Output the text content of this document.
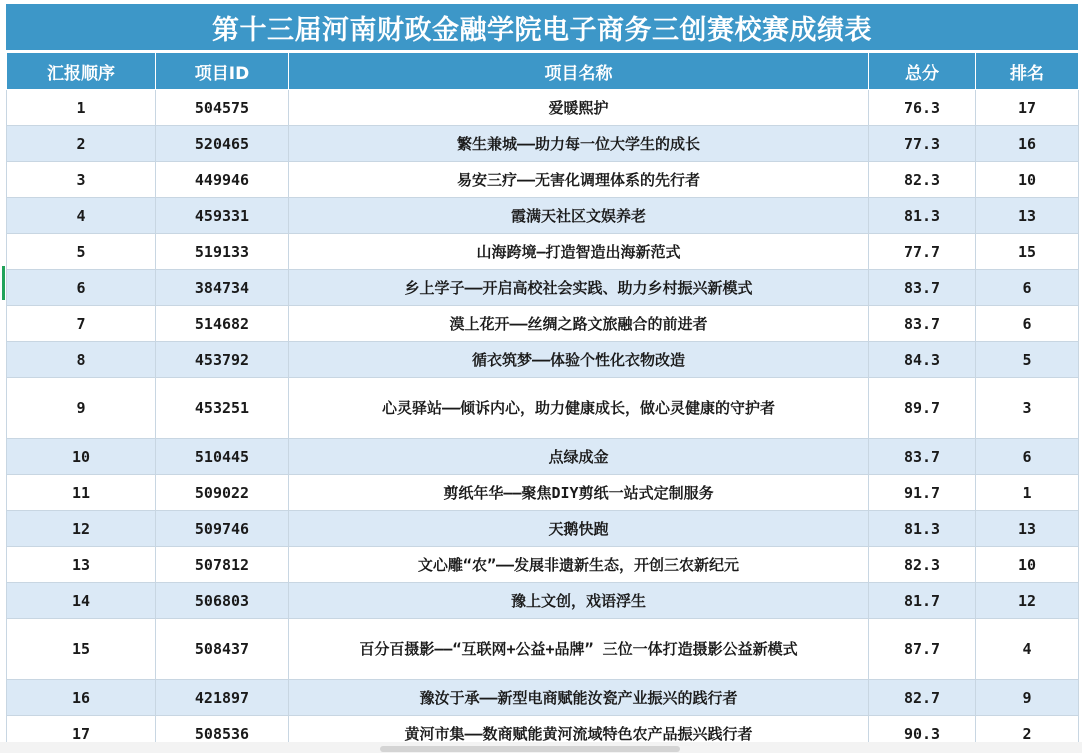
第十三届河南财政金融学院电子商务三创赛校赛成绩表
汇报顺序	项目ID	项目名称	总分	排名
1	504575	爱暖熙护	76.3	17
2	520465	繁生兼城——助力每一位大学生的成长	77.3	16
3	449946	易安三疗——无害化调理体系的先行者	82.3	10
4	459331	霞满天社区文娱养老	81.3	13
5	519133	山海跨境—打造智造出海新范式	77.7	15
6	384734	乡上学子——开启高校社会实践、助力乡村振兴新模式	83.7	6
7	514682	漠上花开——丝绸之路文旅融合的前进者	83.7	6
8	453792	循衣筑梦——体验个性化衣物改造	84.3	5
9	453251	心灵驿站——倾诉内心，助力健康成长，做心灵健康的守护者	89.7	3
10	510445	点绿成金	83.7	6
11	509022	剪纸年华——聚焦DIY剪纸一站式定制服务	91.7	1
12	509746	天鹅快跑	81.3	13
13	507812	文心雕“农”——发展非遗新生态，开创三农新纪元	82.3	10
14	506803	豫上文创，戏语浮生	81.7	12
15	508437	百分百摄影——“互联网+公益+品牌” 三位一体打造摄影公益新模式	87.7	4
16	421897	豫汝于承——新型电商赋能汝瓷产业振兴的践行者	82.7	9
17	508536	黄河市集——数商赋能黄河流域特色农产品振兴践行者	90.3	2
